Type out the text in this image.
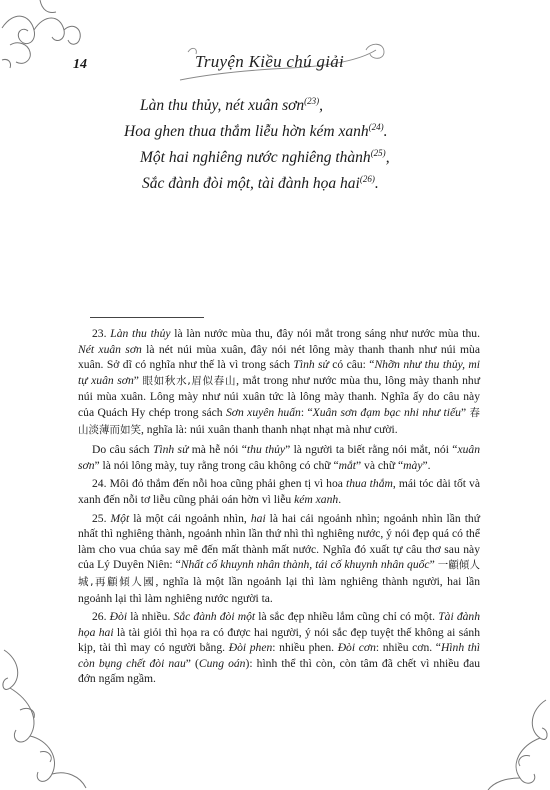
14	Truyện Kiều chú giải

Làn thu thủy, nét xuân sơn$^{(23)}$,

Hoa ghen thua thắm liễu hờn kém xanh$^{(24)}$.

Một hai nghiêng nước nghiêng thành$^{(25)}$,

Sắc đành đòi một, tài đành họa hai$^{(26)}$.

23. Làn thu thủy là làn nước mùa thu, đây nói mắt trong sáng như nước mùa thu. Nét xuân sơn là nét núi mùa xuân, đây nói nét lông mày thanh thanh như núi mùa xuân. Sở dĩ có nghĩa như thế là vì trong sách Tình sử có câu: “Nhỡn như thu thủy, mi tự xuân sơn” 眼如秋水,眉似春山, mắt trong như nước mùa thu, lông mày thanh như núi mùa xuân. Lông mày như núi xuân tức là lông mày thanh. Nghĩa ấy do câu này của Quách Hy chép trong sách Sơn xuyên huấn: “Xuân sơn đạm bạc nhi như tiếu” 春山淡薄而如笑, nghĩa là: núi xuân thanh thanh nhạt nhạt mà như cười.

Do câu sách Tình sử mà hễ nói “thu thủy” là người ta biết rằng nói mắt, nói “xuân sơn” là nói lông mày, tuy rằng trong câu không có chữ “mắt” và chữ “mày”.

24. Môi đỏ thắm đến nỗi hoa cũng phải ghen tị vì hoa thua thắm, mái tóc dài tốt và xanh đến nỗi tơ liễu cũng phải oán hờn vì liễu kém xanh.

25. Một là một cái ngoảnh nhìn, hai là hai cái ngoảnh nhìn; ngoảnh nhìn lần thứ nhất thì nghiêng thành, ngoảnh nhìn lần thứ nhì thì nghiêng nước, ý nói đẹp quá có thể làm cho vua chúa say mê đến mất thành mất nước. Nghĩa đó xuất tự câu thơ sau này của Lý Duyên Niên: “Nhất cố khuynh nhân thành, tái cố khuynh nhân quốc” 一顧傾人城,再顧傾人國, nghĩa là một lần ngoảnh lại thì làm nghiêng thành người, hai lần ngoảnh lại thì làm nghiêng nước người ta.

26. Đòi là nhiều. Sắc đành đòi một là sắc đẹp nhiều lắm cũng chỉ có một. Tài đành họa hai là tài giỏi thì họa ra có được hai người, ý nói sắc đẹp tuyệt thế không ai sánh kịp, tài thì may có người bằng. Đòi phen: nhiều phen. Đòi cơn: nhiều cơn. “Hình thì còn bụng chết đòi nau” (Cung oán): hình thể thì còn, còn tâm đã chết vì nhiều đau đớn ngấm ngầm.
